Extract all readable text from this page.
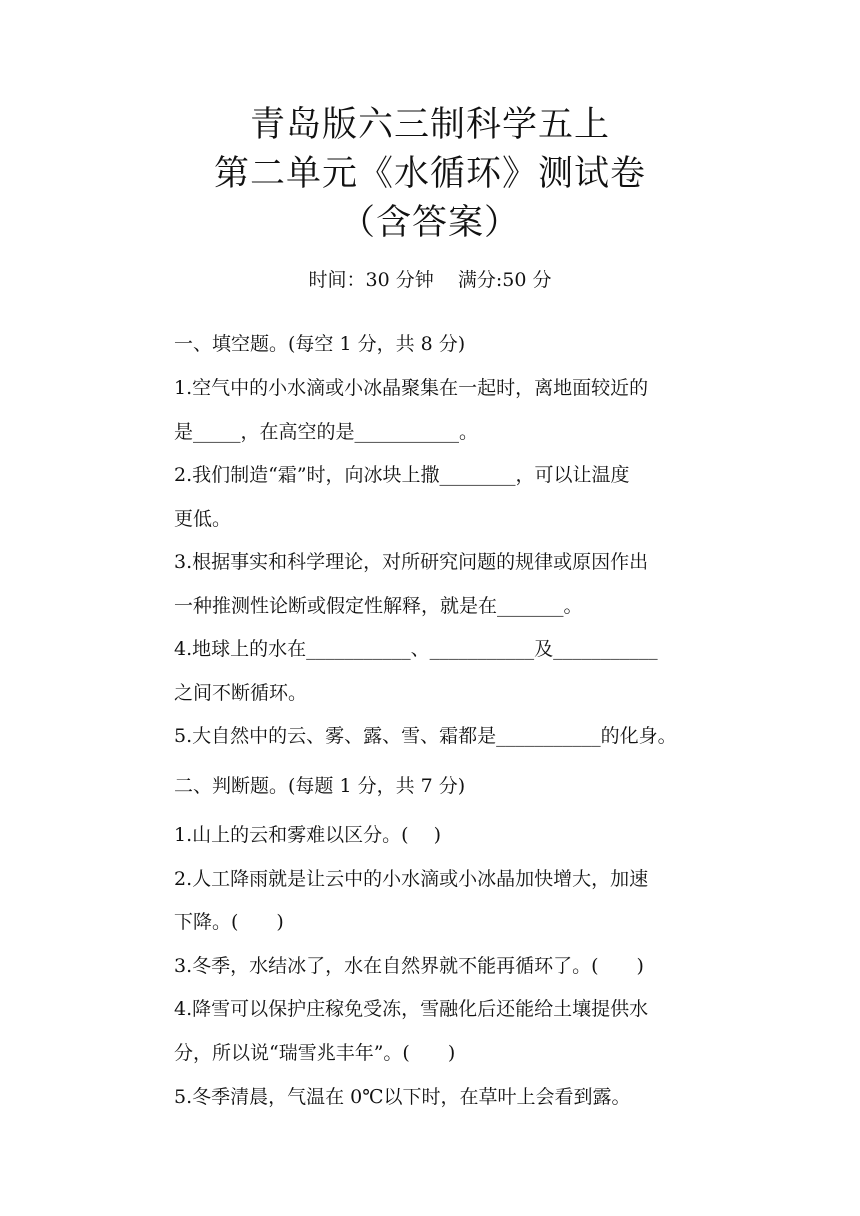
青岛版六三制科学五上
第二单元《水循环》测试卷
（含答案）
时间：30 分钟    满分:50 分
一、填空题。(每空 1 分，共 8 分)
1.空气中的小水滴或小冰晶聚集在一起时，离地面较近的
是_____，在高空的是___________。
2.我们制造“霜”时，向冰块上撒________，可以让温度
更低。
3.根据事实和科学理论，对所研究问题的规律或原因作出
一种推测性论断或假定性解释，就是在_______。
4.地球上的水在___________、___________及___________
之间不断循环。
5.大自然中的云、雾、露、雪、霜都是___________的化身。
二、判断题。(每题 1 分，共 7 分)
1.山上的云和雾难以区分。(　 )
2.人工降雨就是让云中的小水滴或小冰晶加快增大，加速
下降。(　　)
3.冬季，水结冰了，水在自然界就不能再循环了。(　　)
4.降雪可以保护庄稼免受冻，雪融化后还能给土壤提供水
分，所以说“瑞雪兆丰年”。(　　)
5.冬季清晨，气温在 0℃以下时，在草叶上会看到露。
